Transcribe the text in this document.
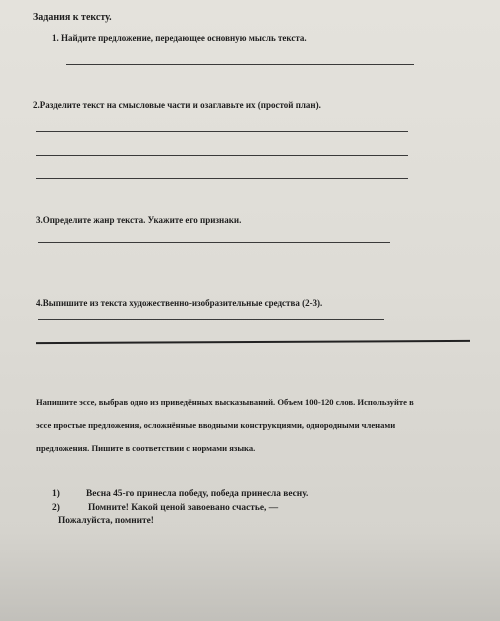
Задания к тексту.
1. Найдите предложение, передающее основную мысль текста.
2.Разделите текст на смысловые части и озаглавьте их (простой план).
3.Определите жанр текста. Укажите его признаки.
4.Выпишите из текста художественно-изобразительные средства (2-3).
Напишите эссе, выбрав одно из приведённых высказываний. Объем 100-120 слов. Используйте в
эссе простые предложения, осложнённые вводными конструкциями, однородными членами
предложения. Пишите в соответствии с нормами языка.
1)	Весна 45-го принесла победу, победа принесла весну.
2)	Помните! Какой ценой завоевано счастье, —
Пожалуйста, помните!
